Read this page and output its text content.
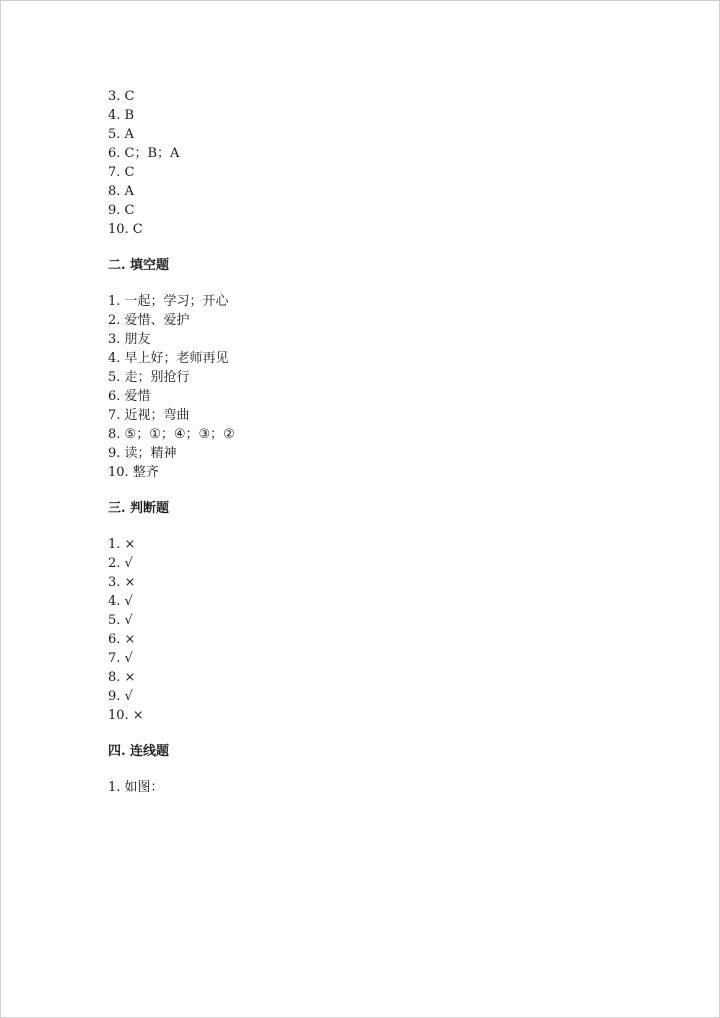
3. C
4. B
5. A
6. C；B；A
7. C
8. A
9. C
10. C
二. 填空题
1. 一起；学习；开心
2. 爱惜、爱护
3. 朋友
4. 早上好；老师再见
5. 走；别抢行
6. 爱惜
7. 近视；弯曲
8. ⑤；①；④；③；②
9. 读；精神
10. 整齐
三. 判断题
1. ×
2. √
3. ×
4. √
5. √
6. ×
7. √
8. ×
9. √
10. ×
四. 连线题
1. 如图：
